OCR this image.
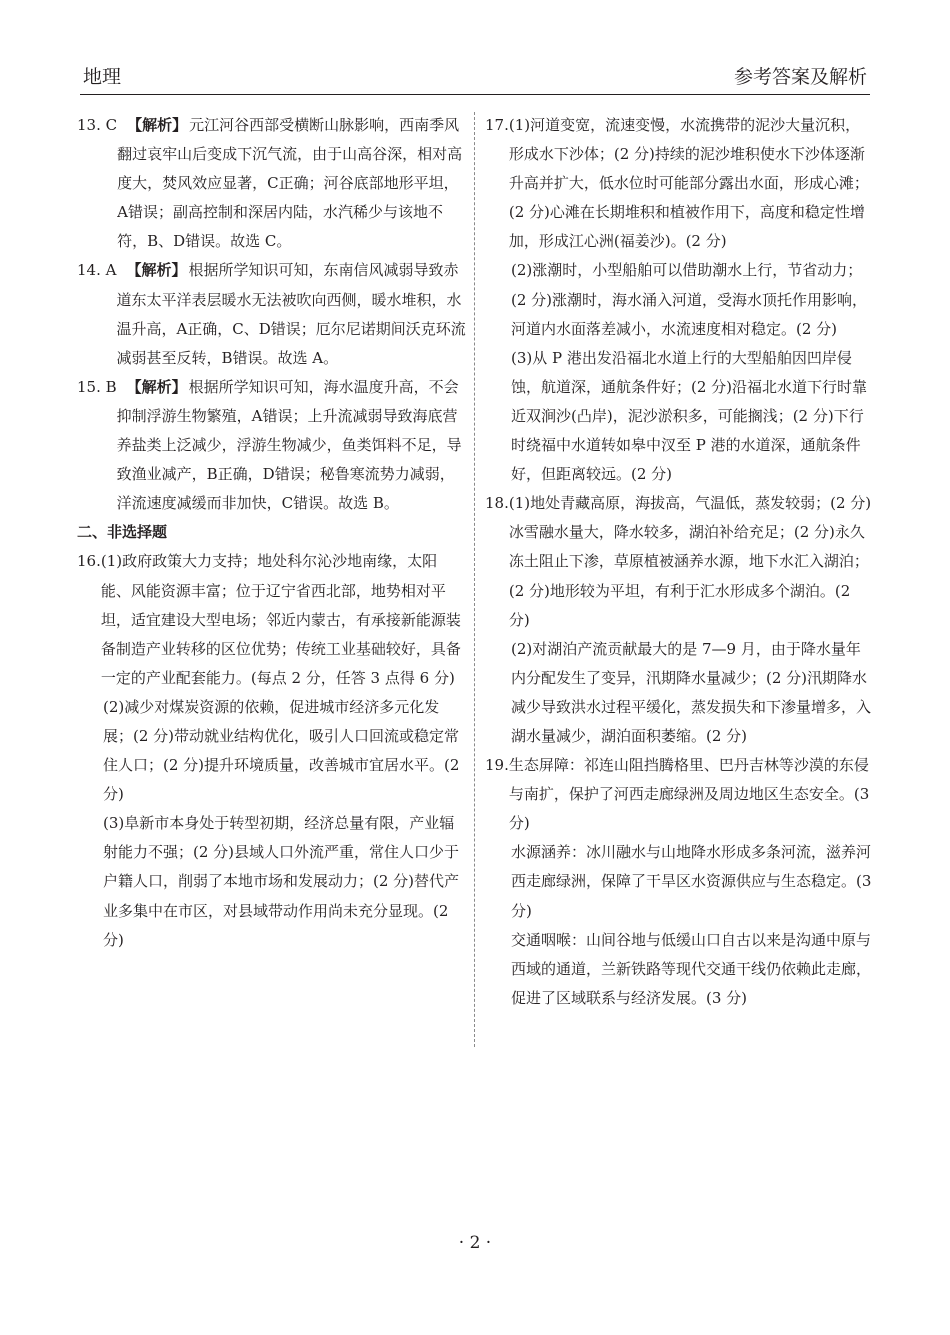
地理	参考答案及解析
13. C 【解析】 元江河谷西部受横断山脉影响，西南季风翻过哀牢山后变成下沉气流，由于山高谷深，相对高度大，焚风效应显著，C正确；河谷底部地形平坦，A错误；副高控制和深居内陆，水汽稀少与该地不符，B、D错误。故选 C。
14. A 【解析】 根据所学知识可知，东南信风减弱导致赤道东太平洋表层暖水无法被吹向西侧，暖水堆积，水温升高，A正确，C、D错误；厄尔尼诺期间沃克环流减弱甚至反转，B错误。故选 A。
15. B 【解析】 根据所学知识可知，海水温度升高，不会抑制浮游生物繁殖，A错误；上升流减弱导致海底营养盐类上泛减少，浮游生物减少，鱼类饵料不足，导致渔业减产，B正确，D错误；秘鲁寒流势力减弱，洋流速度减缓而非加快，C错误。故选 B。
二、非选择题
16. (1)政府政策大力支持；地处科尔沁沙地南缘，太阳能、风能资源丰富；位于辽宁省西北部，地势相对平坦，适宜建设大型电场；邻近内蒙古，有承接新能源装备制造产业转移的区位优势；传统工业基础较好，具备一定的产业配套能力。(每点 2 分，任答 3 点得 6 分)

(2)减少对煤炭资源的依赖，促进城市经济多元化发展；(2 分)带动就业结构优化，吸引人口回流或稳定常住人口；(2 分)提升环境质量，改善城市宜居水平。(2 分)

(3)阜新市本身处于转型初期，经济总量有限，产业辐射能力不强；(2 分)县域人口外流严重，常住人口少于户籍人口，削弱了本地市场和发展动力；(2 分)替代产业多集中在市区，对县域带动作用尚未充分显现。(2 分)

17. (1)河道变宽，流速变慢，水流携带的泥沙大量沉积，形成水下沙体；(2 分)持续的泥沙堆积使水下沙体逐渐升高并扩大，低水位时可能部分露出水面，形成心滩；(2 分)心滩在长期堆积和植被作用下，高度和稳定性增加，形成江心洲(福姜沙)。(2 分)

(2)涨潮时，小型船舶可以借助潮水上行，节省动力；(2 分)涨潮时，海水涌入河道，受海水顶托作用影响，河道内水面落差减小，水流速度相对稳定。(2 分)

(3)从 P 港出发沿福北水道上行的大型船舶因凹岸侵蚀，航道深，通航条件好；(2 分)沿福北水道下行时靠近双涧沙(凸岸)，泥沙淤积多，可能搁浅；(2 分)下行时绕福中水道转如皋中汊至 P 港的水道深，通航条件好，但距离较远。(2 分)

18. (1)地处青藏高原，海拔高，气温低，蒸发较弱；(2 分)冰雪融水量大，降水较多，湖泊补给充足；(2 分)永久冻土阻止下渗，草原植被涵养水源，地下水汇入湖泊；(2 分)地形较为平坦，有利于汇水形成多个湖泊。(2 分)

(2)对湖泊产流贡献最大的是 7—9 月，由于降水量年内分配发生了变异，汛期降水量减少；(2 分)汛期降水减少导致洪水过程平缓化，蒸发损失和下渗量增多，入湖水量减少，湖泊面积萎缩。(2 分)

19. 生态屏障：祁连山阻挡腾格里、巴丹吉林等沙漠的东侵与南扩，保护了河西走廊绿洲及周边地区生态安全。(3 分)

水源涵养：冰川融水与山地降水形成多条河流，滋养河西走廊绿洲，保障了干旱区水资源供应与生态稳定。(3 分)

交通咽喉：山间谷地与低缓山口自古以来是沟通中原与西域的通道，兰新铁路等现代交通干线仍依赖此走廊，促进了区域联系与经济发展。(3 分)

· 2 ·
